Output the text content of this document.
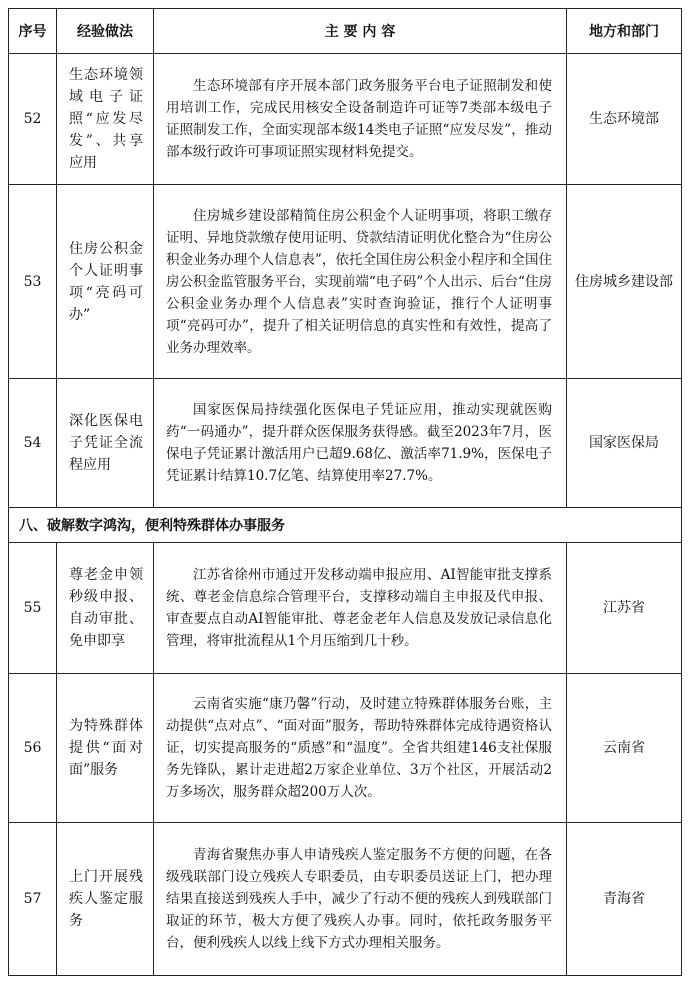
序号	经验做法	主 要 内 容	地方和部门
52	生态环境领域电子证照“应发尽发”、共享应用	生态环境部有序开展本部门政务服务平台电子证照制发和使用培训工作，完成民用核安全设备制造许可证等7类部本级电子证照制发工作，全面实现部本级14类电子证照“应发尽发”，推动部本级行政许可事项证照实现材料免提交。	生态环境部
53	住房公积金个人证明事项“亮码可办”	住房城乡建设部精简住房公积金个人证明事项，将职工缴存证明、异地贷款缴存使用证明、贷款结清证明优化整合为“住房公积金业务办理个人信息表”，依托全国住房公积金小程序和全国住房公积金监管服务平台，实现前端“电子码”个人出示、后台“住房公积金业务办理个人信息表”实时查询验证，推行个人证明事项“亮码可办”，提升了相关证明信息的真实性和有效性，提高了业务办理效率。	住房城乡建设部
54	深化医保电子凭证全流程应用	国家医保局持续强化医保电子凭证应用，推动实现就医购药“一码通办”，提升群众医保服务获得感。截至2023年7月，医保电子凭证累计激活用户已超9.68亿、激活率71.9%，医保电子凭证累计结算10.7亿笔、结算使用率27.7%。	国家医保局
八、破解数字鸿沟，便利特殊群体办事服务			
55	尊老金申领秒级申报、自动审批、免申即享	江苏省徐州市通过开发移动端申报应用、AI智能审批支撑系统、尊老金信息综合管理平台，支撑移动端自主申报及代申报、审查要点自动AI智能审批、尊老金老年人信息及发放记录信息化管理，将审批流程从1个月压缩到几十秒。	江苏省
56	为特殊群体提供“面对面”服务	云南省实施“康乃馨”行动，及时建立特殊群体服务台账，主动提供“点对点”、“面对面”服务，帮助特殊群体完成待遇资格认证，切实提高服务的“质感”和“温度”。全省共组建146支社保服务先锋队，累计走进超2万家企业单位、3万个社区，开展活动2万多场次，服务群众超200万人次。	云南省
57	上门开展残疾人鉴定服务	青海省聚焦办事人申请残疾人鉴定服务不方便的问题，在各级残联部门设立残疾人专职委员，由专职委员送证上门，把办理结果直接送到残疾人手中，减少了行动不便的残疾人到残联部门取证的环节，极大方便了残疾人办事。同时，依托政务服务平台，便利残疾人以线上线下方式办理相关服务。	青海省
